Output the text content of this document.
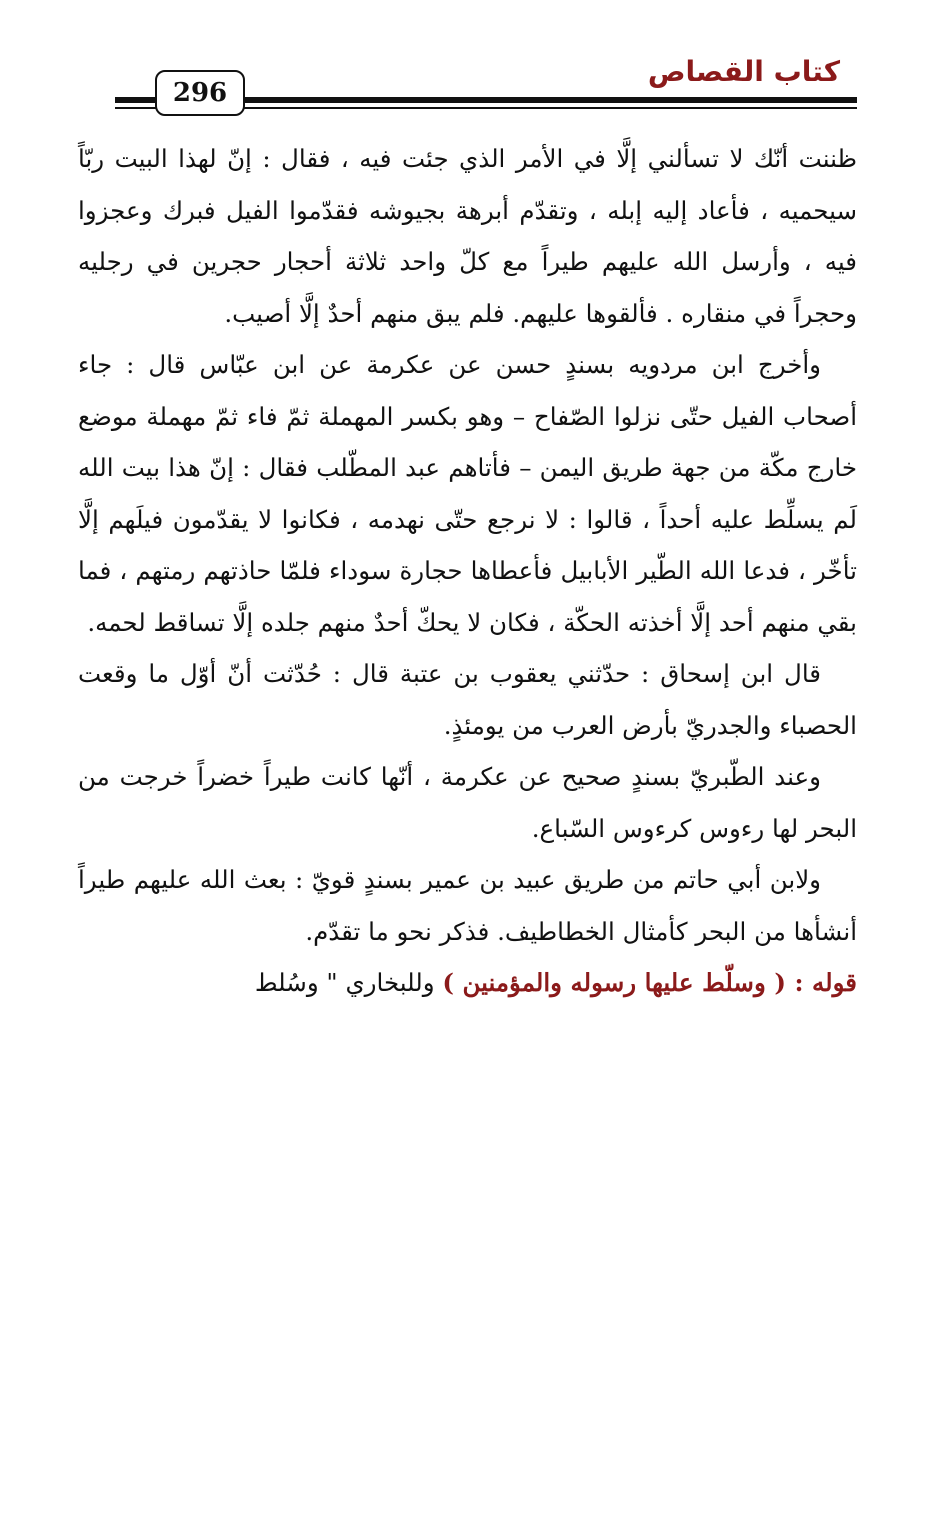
كتاب القصاص
296

ظننت أنّك لا تسألني إلَّا في الأمر الذي جئت فيه ، فقال : إنّ لهذا البيت ربّاً سيحميه ، فأعاد إليه إبله ، وتقدّم أبرهة بجيوشه فقدّموا الفيل فبرك وعجزوا فيه ، وأرسل الله عليهم طيراً مع كلّ واحد ثلاثة أحجار حجرين في رجليه وحجراً في منقاره . فألقوها عليهم. فلم يبق منهم أحدٌ إلَّا أصيب.

وأخرج ابن مردويه بسندٍ حسن عن عكرمة عن ابن عبّاس قال : جاء أصحاب الفيل حتّى نزلوا الصّفاح – وهو بكسر المهملة ثمّ فاء ثمّ مهملة موضع خارج مكّة من جهة طريق اليمن – فأتاهم عبد المطّلب فقال : إنّ هذا بيت الله لَم يسلِّط عليه أحداً ، قالوا : لا نرجع حتّى نهدمه ، فكانوا لا يقدّمون فيلَهم إلَّا تأخّر ، فدعا الله الطّير الأبابيل فأعطاها حجارة سوداء فلمّا حاذتهم رمتهم ، فما بقي منهم أحد إلَّا أخذته الحكّة ، فكان لا يحكّ أحدٌ منهم جلده إلَّا تساقط لحمه.

قال ابن إسحاق : حدّثني يعقوب بن عتبة قال : حُدّثت أنّ أوّل ما وقعت الحصباء والجدريّ بأرض العرب من يومئذٍ.

وعند الطّبريّ بسندٍ صحيح عن عكرمة ، أنّها كانت طيراً خضراً خرجت من البحر لها رءوس كرءوس السّباع.

ولابن أبي حاتم من طريق عبيد بن عمير بسندٍ قويّ : بعث الله عليهم طيراً أنشأها من البحر كأمثال الخطاطيف. فذكر نحو ما تقدّم.

قوله : ( وسلّط عليها رسوله والمؤمنين ) وللبخاري " وسُلط
